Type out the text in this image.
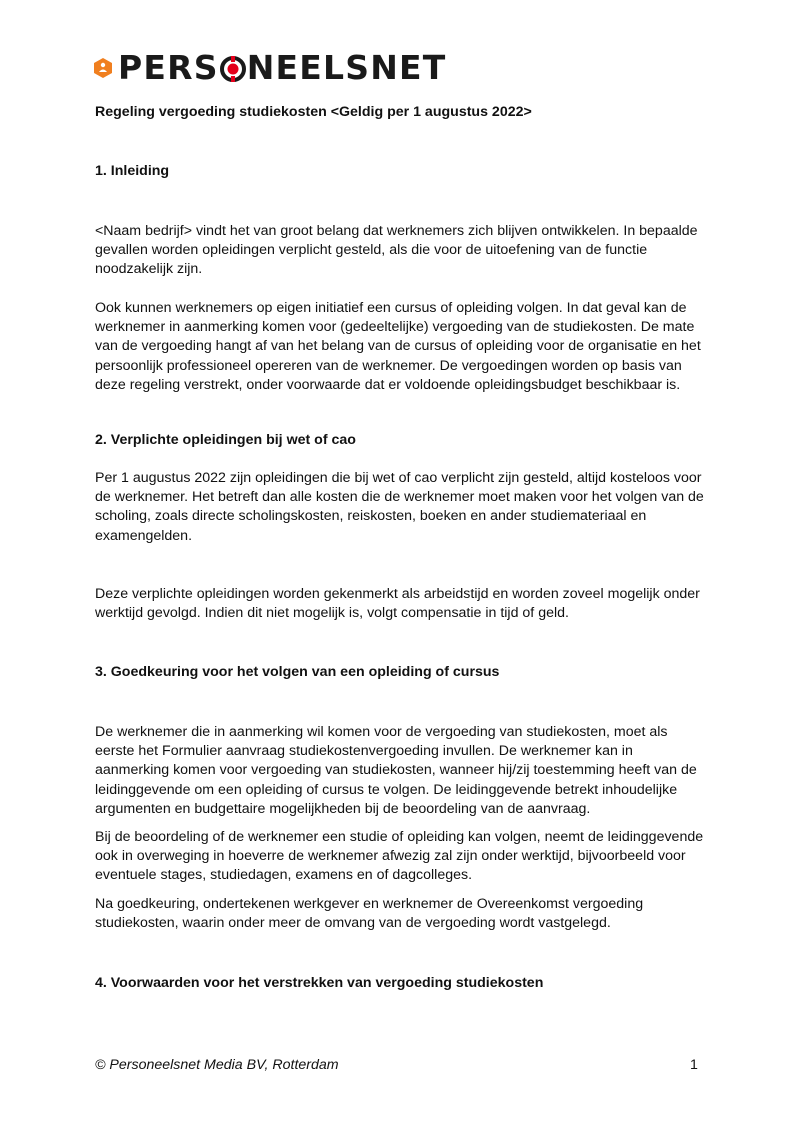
PERS NEELSNET
Regeling vergoeding studiekosten <Geldig per 1 augustus 2022>
1. Inleiding
<Naam bedrijf> vindt het van groot belang dat werknemers zich blijven ontwikkelen. In bepaalde gevallen worden opleidingen verplicht gesteld, als die voor de uitoefening van de functie noodzakelijk zijn.
Ook kunnen werknemers op eigen initiatief een cursus of opleiding volgen. In dat geval kan de werknemer in aanmerking komen voor (gedeeltelijke) vergoeding van de studiekosten. De mate van de vergoeding hangt af van het belang van de cursus of opleiding voor de organisatie en het persoonlijk professioneel opereren van de werknemer. De vergoedingen worden op basis van deze regeling verstrekt, onder voorwaarde dat er voldoende opleidingsbudget beschikbaar is.
2. Verplichte opleidingen bij wet of cao
Per 1 augustus 2022 zijn opleidingen die bij wet of cao verplicht zijn gesteld, altijd kosteloos voor de werknemer. Het betreft dan alle kosten die de werknemer moet maken voor het volgen van de scholing, zoals directe scholingskosten, reiskosten, boeken en ander studiemateriaal en examengelden.
Deze verplichte opleidingen worden gekenmerkt als arbeidstijd en worden zoveel mogelijk onder werktijd gevolgd. Indien dit niet mogelijk is, volgt compensatie in tijd of geld.
3. Goedkeuring voor het volgen van een opleiding of cursus
De werknemer die in aanmerking wil komen voor de vergoeding van studiekosten, moet als eerste het Formulier aanvraag studiekostenvergoeding invullen. De werknemer kan in aanmerking komen voor vergoeding van studiekosten, wanneer hij/zij toestemming heeft van de leidinggevende om een opleiding of cursus te volgen. De leidinggevende betrekt inhoudelijke argumenten en budgettaire mogelijkheden bij de beoordeling van de aanvraag.
Bij de beoordeling of de werknemer een studie of opleiding kan volgen, neemt de leidinggevende ook in overweging in hoeverre de werknemer afwezig zal zijn onder werktijd, bijvoorbeeld voor eventuele stages, studiedagen, examens en of dagcolleges.
Na goedkeuring, ondertekenen werkgever en werknemer de Overeenkomst vergoeding studiekosten, waarin onder meer de omvang van de vergoeding wordt vastgelegd.
4. Voorwaarden voor het verstrekken van vergoeding studiekosten
© Personeelsnet Media BV, Rotterdam	1
